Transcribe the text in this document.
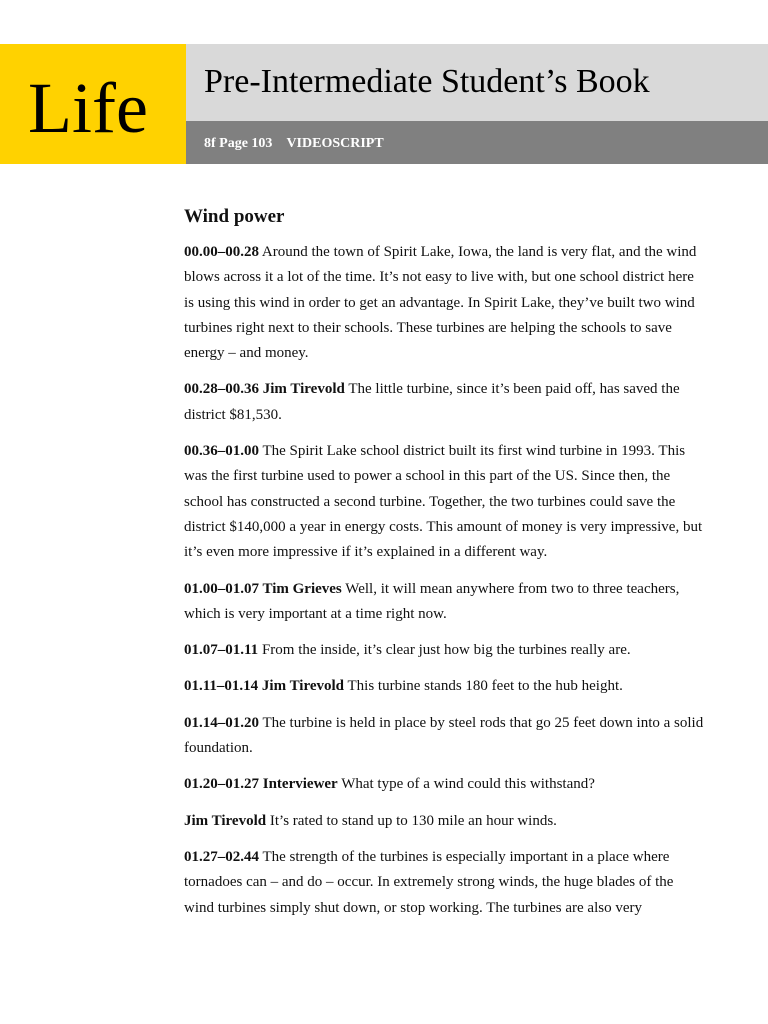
Life Pre-Intermediate Student’s Book
8f Page 103 VIDEOSCRIPT
Wind power

00.00–00.28 Around the town of Spirit Lake, Iowa, the land is very flat, and the wind blows across it a lot of the time. It’s not easy to live with, but one school district here is using this wind in order to get an advantage. In Spirit Lake, they’ve built two wind turbines right next to their schools. These turbines are helping the schools to save energy – and money.

00.28–00.36 Jim Tirevold The little turbine, since it’s been paid off, has saved the district $81,530.

00.36–01.00 The Spirit Lake school district built its first wind turbine in 1993. This was the first turbine used to power a school in this part of the US. Since then, the school has constructed a second turbine. Together, the two turbines could save the district $140,000 a year in energy costs. This amount of money is very impressive, but it’s even more impressive if it’s explained in a different way.

01.00–01.07 Tim Grieves Well, it will mean anywhere from two to three teachers, which is very important at a time right now.

01.07–01.11 From the inside, it’s clear just how big the turbines really are.

01.11–01.14 Jim Tirevold This turbine stands 180 feet to the hub height.

01.14–01.20 The turbine is held in place by steel rods that go 25 feet down into a solid foundation.

01.20–01.27 Interviewer What type of a wind could this withstand?

Jim Tirevold It’s rated to stand up to 130 mile an hour winds.

01.27–02.44 The strength of the turbines is especially important in a place where tornadoes can – and do – occur. In extremely strong winds, the huge blades of the wind turbines simply shut down, or stop working. The turbines are also very
